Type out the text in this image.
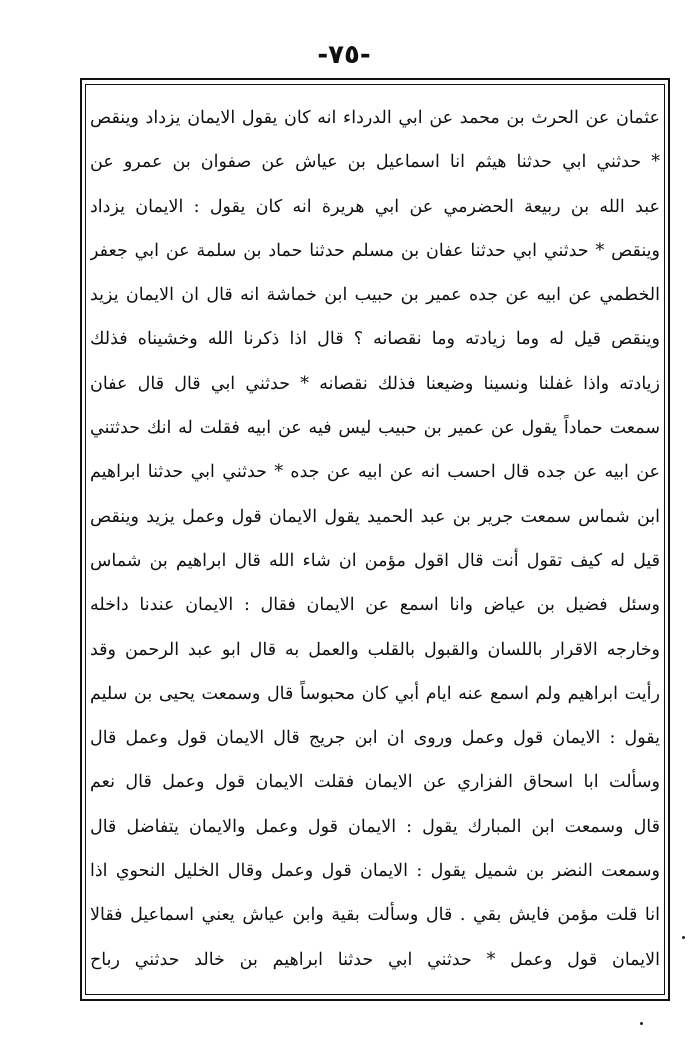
-٧٥-
عثمان عن الحرث بن محمد عن ابي الدرداء انه كان يقول الايمان يزداد وينقص
* حدثني ابي حدثنا هيثم انا اسماعيل بن عياش عن صفوان بن عمرو عن
عبد الله بن ربيعة الحضرمي عن ابي هريرة انه كان يقول : الايمان يزداد
وينقص * حدثني ابي حدثنا عفان بن مسلم حدثنا حماد بن سلمة عن ابي جعفر
الخطمي عن ابيه عن جده عمير بن حبيب ابن خماشة انه قال ان الايمان يزيد
وينقص قيل له وما زيادته وما نقصانه ؟ قال اذا ذكرنا الله وخشيناه فذلك
زيادته واذا غفلنا ونسينا وضيعنا فذلك نقصانه * حدثني ابي قال قال عفان
سمعت حماداً يقول عن عمير بن حبيب ليس فيه عن ابيه فقلت له انك حدثتني
عن ابيه عن جده قال احسب انه عن ابيه عن جده * حدثني ابي حدثنا ابراهيم
ابن شماس سمعت جرير بن عبد الحميد يقول الايمان قول وعمل يزيد وينقص
قيل له كيف تقول أنت قال اقول مؤمن ان شاء الله قال ابراهيم بن شماس
وسئل فضيل بن عياض وانا اسمع عن الايمان فقال : الايمان عندنا داخله
وخارجه الاقرار باللسان والقبول بالقلب والعمل به قال ابو عبد الرحمن وقد
رأيت ابراهيم ولم اسمع عنه ايام أبي كان محبوساً قال وسمعت يحيى بن سليم
يقول : الايمان قول وعمل وروى ان ابن جريج قال الايمان قول وعمل قال
وسألت ابا اسحاق الفزاري عن الايمان فقلت الايمان قول وعمل قال نعم
قال وسمعت ابن المبارك يقول : الايمان قول وعمل والايمان يتفاضل قال
وسمعت النضر بن شميل يقول : الايمان قول وعمل وقال الخليل النحوي اذا
انا قلت مؤمن فايش بقي . قال وسألت بقية وابن عياش يعني اسماعيل فقالا
الايمان قول وعمل * حدثني ابي حدثنا ابراهيم بن خالد حدثني رباح
